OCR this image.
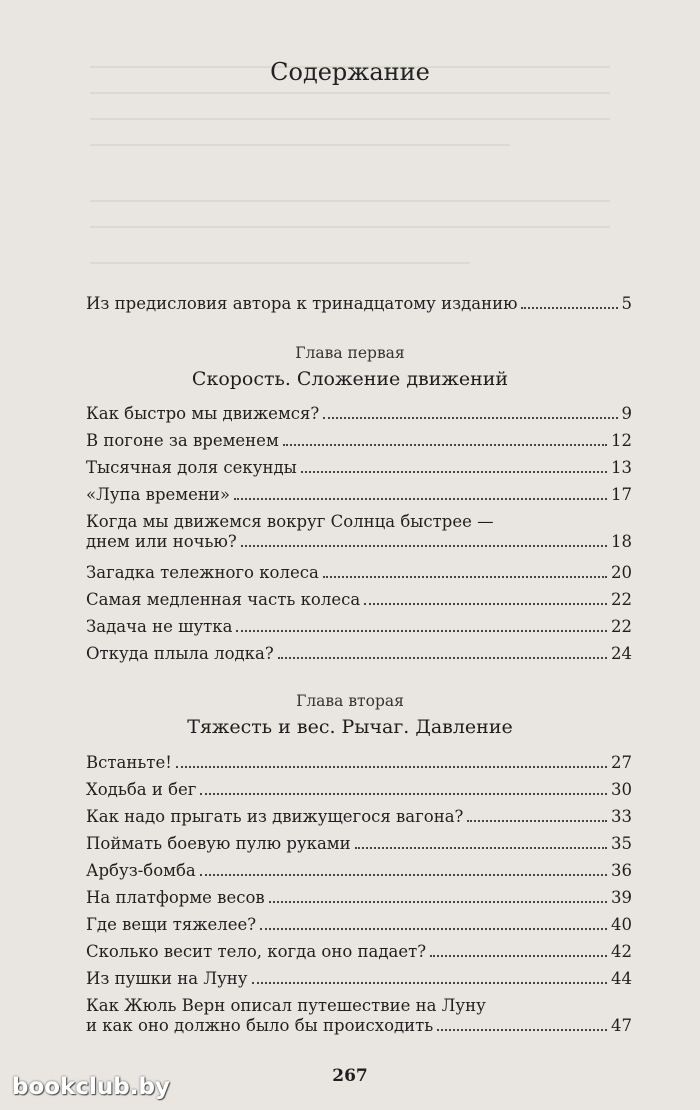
Содержание
Из предисловия автора к тринадцатому изданию	5
Глава первая
Скорость. Сложение движений
Как быстро мы движемся?	9
В погоне за временем	12
Тысячная доля секунды	13
«Лупа времени»	17
Когда мы движемся вокруг Солнца быстрее —
днем или ночью?	18
Загадка тележного колеса	20
Самая медленная часть колеса	22
Задача не шутка	22
Откуда плыла лодка?	24
Глава вторая
Тяжесть и вес. Рычаг. Давление
Встаньте!	27
Ходьба и бег	30
Как надо прыгать из движущегося вагона?	33
Поймать боевую пулю руками	35
Арбуз-бомба	36
На платформе весов	39
Где вещи тяжелее?	40
Сколько весит тело, когда оно падает?	42
Из пушки на Луну	44
Как Жюль Верн описал путешествие на Луну
и как оно должно было бы происходить	47
267
bookclub.by
